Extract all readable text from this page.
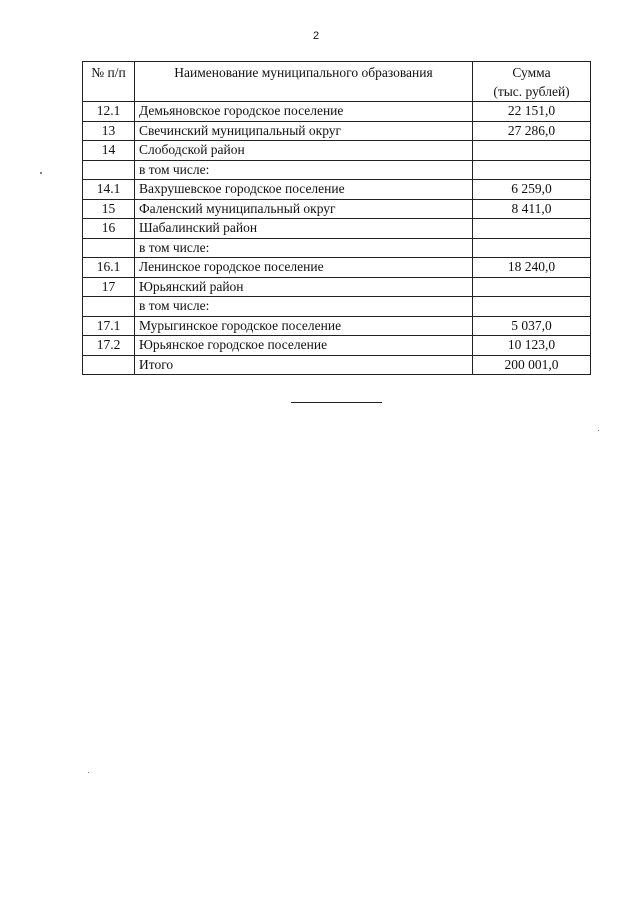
2
№ п/п	Наименование муниципального образования	Сумма
(тыс. рублей)

12.1	Демьяновское городское поселение	22 151,0
13	Свечинский муниципальный округ	27 286,0
14	Слободской район	
	в том числе:	
14.1	Вахрушевское городское поселение	6 259,0
15	Фаленский муниципальный округ	8 411,0
16	Шабалинский район	
	в том числе:	
16.1	Ленинское городское поселение	18 240,0
17	Юрьянский район	
	в том числе:	
17.1	Мурыгинское городское поселение	5 037,0
17.2	Юрьянское городское поселение	10 123,0
	Итого	200 001,0
